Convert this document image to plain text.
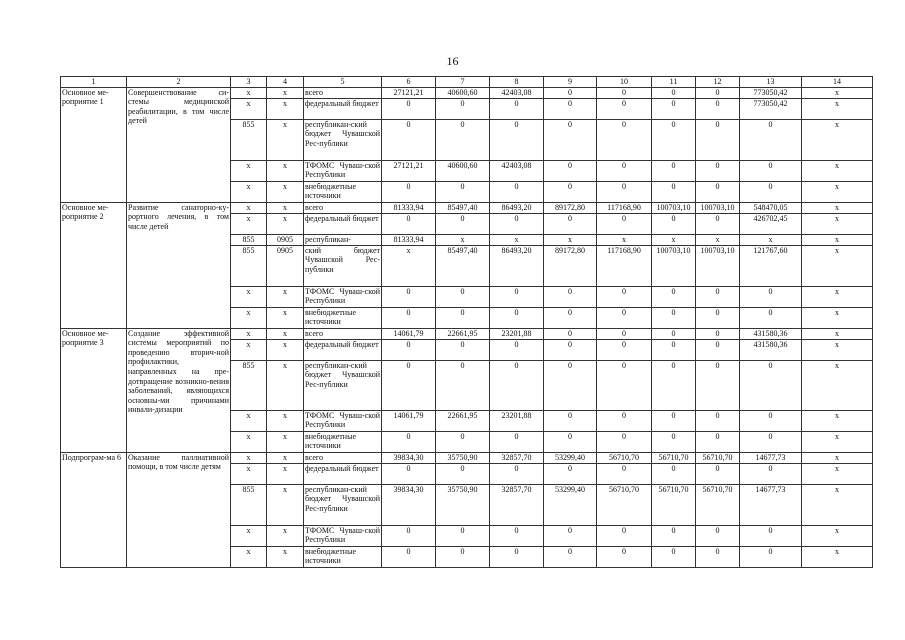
16
1	2	3	4	5	6	7	8	9	10	11	12	13	14
Основное ме-роприятие 1	Совершенствование си-стемы медицинской реабилитации, в том числе детей	x	x	всего	27121,21	40600,60	42403,08	0	0	0	0	773050,42	x
		x	x	федеральный бюджет	0	0	0	0	0	0	0	773050,42	x
		855	x	республикан-ский бюджет Чувашской Рес-публики	0	0	0	0	0	0	0	0	x
		x	x	ТФОМС Чуваш-ской Республики	27121,21	40600,60	42403,08	0	0	0	0	0	x
		x	x	внебюджетные источники	0	0	0	0	0	0	0	0	x
Основное ме-роприятие 2	Развитие санаторно-ку-рортного лечения, в том числе детей	x	x	всего	81333,94	85497,40	86493,20	89172,80	117168,90	100703,10	100703,10	548470,05	x
		x	x	федеральный бюджет	0	0	0	0	0	0	0	426702,45	x
		855	0905	республикан-	81333,94	x	x	x	x	x	x	x	x
		855	0905	ский бюджет Чувашской Рес-публики	x	85497,40	86493,20	89172,80	117168,90	100703,10	100703,10	121767,60	x
		x	x	ТФОМС Чуваш-ской Республики	0	0	0	0	0	0	0	0	x
		x	x	внебюджетные источники	0	0	0	0	0	0	0	0	x
Основное ме-роприятие 3	Создание эффективной системы мероприятий по проведению вторич-ной профилактики, направленных на пре-дотвращение возникно-вения заболеваний, являющихся основны-ми причинами инвали-дизации	x	x	всего	14061,79	22661,95	23201,88	0	0	0	0	431580,36	x
		x	x	федеральный бюджет	0	0	0	0	0	0	0	431580,36	x
		855	x	республикан-ский бюджет Чувашской Рес-публики	0	0	0	0	0	0	0	0	x
		x	x	ТФОМС Чуваш-ской Республики	14061,79	22661,95	23201,88	0	0	0	0	0	x
		x	x	внебюджетные источники	0	0	0	0	0	0	0	0	x
Подпрограм-ма 6	Оказание паллиативной помощи, в том числе детям	x	x	всего	39834,30	35750,90	32857,70	53299,40	56710,70	56710,70	56710,70	14677,73	x
		x	x	федеральный бюджет	0	0	0	0	0	0	0	0	x
		855	x	республикан-ский бюджет Чувашской Рес-публики	39834,30	35750,90	32857,70	53299,40	56710,70	56710,70	56710,70	14677,73	x
		x	x	ТФОМС Чуваш-ской Республики	0	0	0	0	0	0	0	0	x
		x	x	внебюджетные источники	0	0	0	0	0	0	0	0	x
